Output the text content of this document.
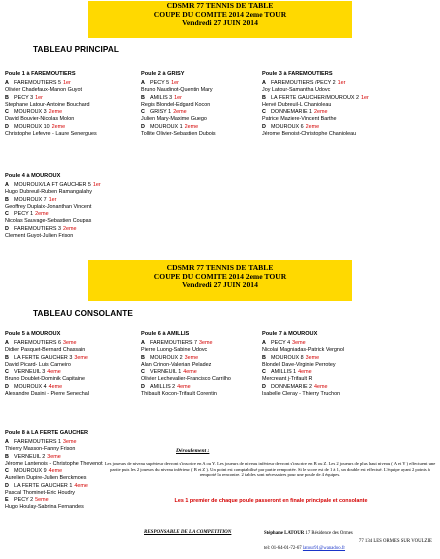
CDSMR 77 TENNIS DE TABLE
COUPE DU COMITE 2014 2eme TOUR
Vendredi 27 JUIN 2014
TABLEAU PRINCIPAL
Poule 1 à FAREMOUTIERS
A FAREMOUTIERS 5 1er
Olivier Chadefaux-Manon Guyot
B PECY 3 1er
Stephane Latour-Antoine Bouchard
C MOUROUX 3 2eme
David Bouvier-Nicolas Molon
D MOUROUX 10 2eme
Christophe Lefevre - Laure Senergues
Poule 2 à GRISY
A PECY 5 1er
Bruno Naudinot-Quentin Mary
B AMILIS 3 1er
Regis Blondel-Edgard Kocon
C GRISY 1 2eme
Julien Mary-Maxime Guego
D MOUROUX 1 2eme
Tollite Olivier-Sebastien Dubois
Poule 3 à FAREMOUTIERS
A FAREMOUTIERS /PECY 2 1er
Joy Latour-Samantha Udovc
B LA FERTE GAUCHER/MOUROUX 2 1er
Hervé Dubreuil-L Chanioleau
C DONNEMARIE 1 2eme
Patrice Maziere-Vincent Barthe
D MOUROUX 6 2eme
Jérome Benoist-Christophe Chanioleau
Poule 4 à MOUROUX
A MOUROUX/LA FT GAUCHER 5 1er
Hugo Dubreuil-Ruben Ramangalahy
B MOUROUX 7 1er
Geoffrey Duplaix-Jonanthan Vincent
C PECY 1 2eme
Nicolas Sauvage-Sebastien Coupas
D FAREMOUTIERS 3 2eme
Clement Guyot-Julien Frison
CDSMR 77 TENNIS DE TABLE
COUPE DU COMITE 2014 2eme TOUR
Vendredi 27 JUIN 2014
TABLEAU CONSOLANTE
Poule 5 à MOUROUX
A FAREMOUTIERS 6 3eme
Didier Pasquet-Bernard Chassain
B LA FERTE GAUCHER 3 3eme
David Picard- Luis Carneiro
C VERNEUIL 3 4eme
Bruno Doublet-Dominik Capitaine
D MOUROUX 4 4eme
Alexandre Dasini - Pierre Senechal
Poule 6 à AMILLIS
A FAREMOUTIERS 7 3eme
Pierre Luong-Sabine Udovc
B MOUROUX 2 3eme
Alan Crinon-Valerian Peladez
C VERNEUIL 1 4eme
Olivier Lechevalier-Francisco Carrilho
D AMILLIS 2 4eme
Thibault Kocon-Trifault Corentin
Poule 7 à MOUROUX
A PECY 4 3eme
Nicolai Magniadas-Patrick Vergnol
B MOUROUX 8 3eme
Blondel Dave-Virginie Perrotey
C AMILLIS 1 4eme
Mercreant j-Trifault R
D DONNEMARIE 2 4eme
Isabelle Cleray - Thierry Truchon
Poule 8 à LA FERTE GAUCHER
A FAREMOUTIERS 1 3eme
Thierry Masson-Fanny Frison
B VERNEUIL 2 3eme
Jérome Lantenois - Christophe Thevenot
C MOUROUX 9 4eme
Aurelien Dupire-Julien Berckmoes
D LA FERTE GAUCHER 1 4eme
Pascal Thominet-Eric Houdry
E PECY 2 5eme
Hugo Houlay-Sabrina Fernandes
Déroulement :
Les joueurs de niveau supérieur devront s'inscrire en A ou Y. Les joueurs de niveau inférieur devront s'inscrire en B ou Z. Les 2 joueurs de plus haut niveau ( A et Y ) effectuent une partie puis les 2 joueurs du niveau inférieur ( B et Z ). Un point est comptabilisé par partie remportée. Si le score est de 1 à 1, un double est effectué. L'équipe ayant 2 points à remporté la rencontre. 2 tables sont nécessaires pour une poule de 4 équipes.
Les 1 premier de chaque poule passeront en finale principale et consolante
RESPONSABLE DE LA COMPETITION	Stéphane LATOUR 17 Résidence des Ormes
77 134 LES ORMES SUR VOULZIE
tel: 01-64-01-72-67 latour91@wanadoo.fr
